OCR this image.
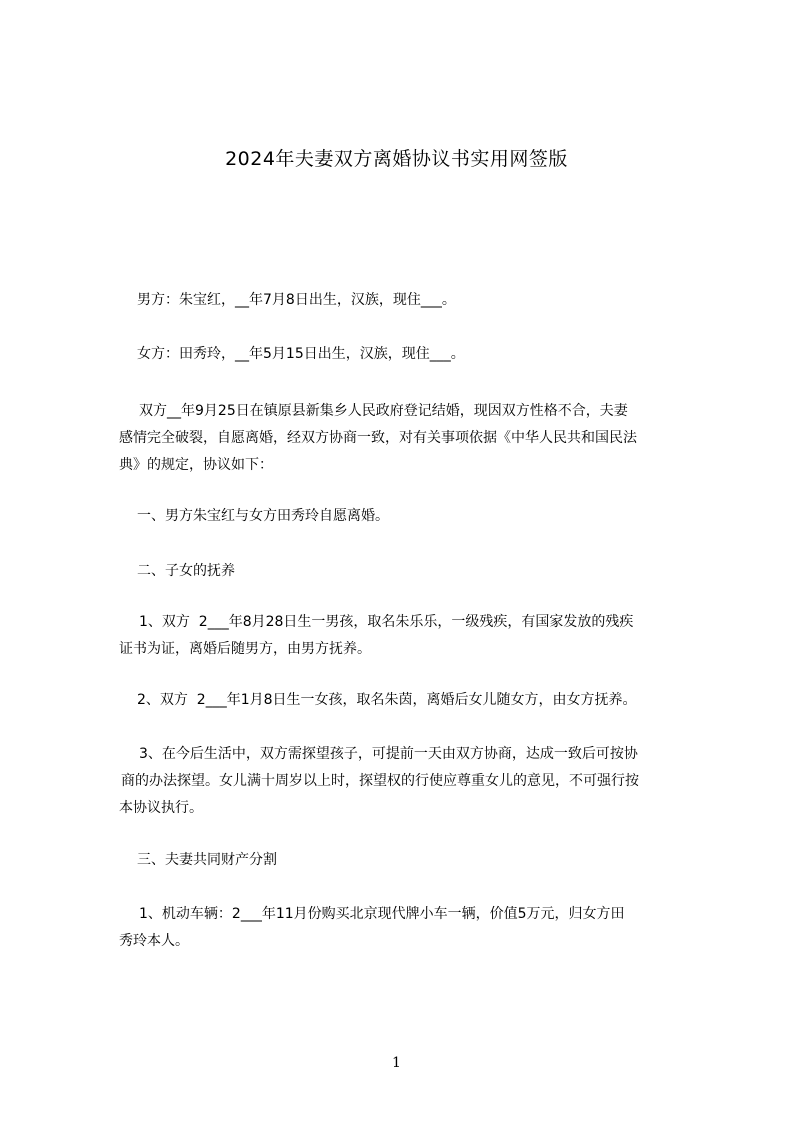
2024年夫妻双方离婚协议书实用网签版
男方：朱宝红，__年7月8日出生，汉族，现住___。
女方：田秀玲，__年5月15日出生，汉族，现住___。
双方__年9月25日在镇原县新集乡人民政府登记结婚，现因双方性格不合，夫妻
感情完全破裂，自愿离婚，经双方协商一致，对有关事项依据《中华人民共和国民法
典》的规定，协议如下：
一、男方朱宝红与女方田秀玲自愿离婚。
二、子女的抚养
1、双方  2___年8月28日生一男孩，取名朱乐乐，一级残疾，有国家发放的残疾
证书为证，离婚后随男方，由男方抚养。
2、双方  2___年1月8日生一女孩，取名朱茵，离婚后女儿随女方，由女方抚养。
3、在今后生活中，双方需探望孩子，可提前一天由双方协商，达成一致后可按协
商的办法探望。女儿满十周岁以上时，探望权的行使应尊重女儿的意见，不可强行按
本协议执行。
三、夫妻共同财产分割
1、机动车辆：2___年11月份购买北京现代牌小车一辆，价值5万元，归女方田
秀玲本人。
1
